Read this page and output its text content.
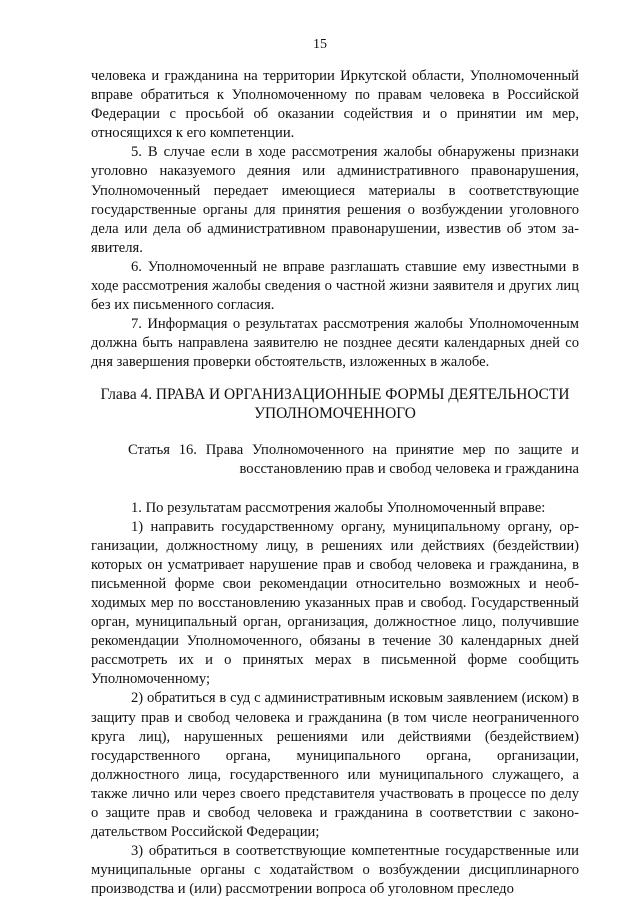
15

человека и гражданина на территории Иркутской области, Уполномоченный вправе обратиться к Уполномоченному по правам человека в Российской Федерации с просьбой об оказании содействия и о принятии им мер, относящихся к его компетенции.

5. В случае если в ходе рассмотрения жалобы обнаружены признаки уголовно наказуемого деяния или административного правонарушения, Уполномоченный передает имеющиеся материалы в соответствующие государственные органы для принятия решения о возбуждении уголовного дела или дела об административном правонарушении, известив об этом заявителя.

6. Уполномоченный не вправе разглашать ставшие ему известными в ходе рассмотрения жалобы сведения о частной жизни заявителя и других лиц без их письменного согласия.

7. Информация о результатах рассмотрения жалобы Уполномоченным должна быть направлена заявителю не позднее десяти календарных дней со дня завершения проверки обстоятельств, изложенных в жалобе.

Глава 4. ПРАВА И ОРГАНИЗАЦИОННЫЕ ФОРМЫ ДЕЯТЕЛЬНОСТИ УПОЛНОМОЧЕННОГО

Статья 16. Права Уполномоченного на принятие мер по защите и
восстановлению прав и свобод человека и гражданина

1. По результатам рассмотрения жалобы Уполномоченный вправе:

1) направить государственному органу, муниципальному органу, организации, должностному лицу, в решениях или действиях (бездействии) которых он усматривает нарушение прав и свобод человека и гражданина, в письменной форме свои рекомендации относительно возможных и необходимых мер по восстановлению указанных прав и свобод. Государственный орган, муниципальный орган, организация, должностное лицо, получившие рекомендации Уполномоченного, обязаны в течение 30 календарных дней рассмотреть их и о принятых мерах в письменной форме сообщить Уполномоченному;

2) обратиться в суд с административным исковым заявлением (иском) в защиту прав и свобод человека и гражданина (в том числе неограниченного круга лиц), нарушенных решениями или действиями (бездействием) государственного органа, муниципального органа, организации, должностного лица, государственного или муниципального служащего, а также лично или через своего представителя участвовать в процессе по делу о защите прав и свобод человека и гражданина в соответствии с законодательством Российской Федерации;

3) обратиться в соответствующие компетентные государственные или муниципальные органы с ходатайством о возбуждении дисциплинарного производства и (или) рассмотрении вопроса об уголовном преследо
